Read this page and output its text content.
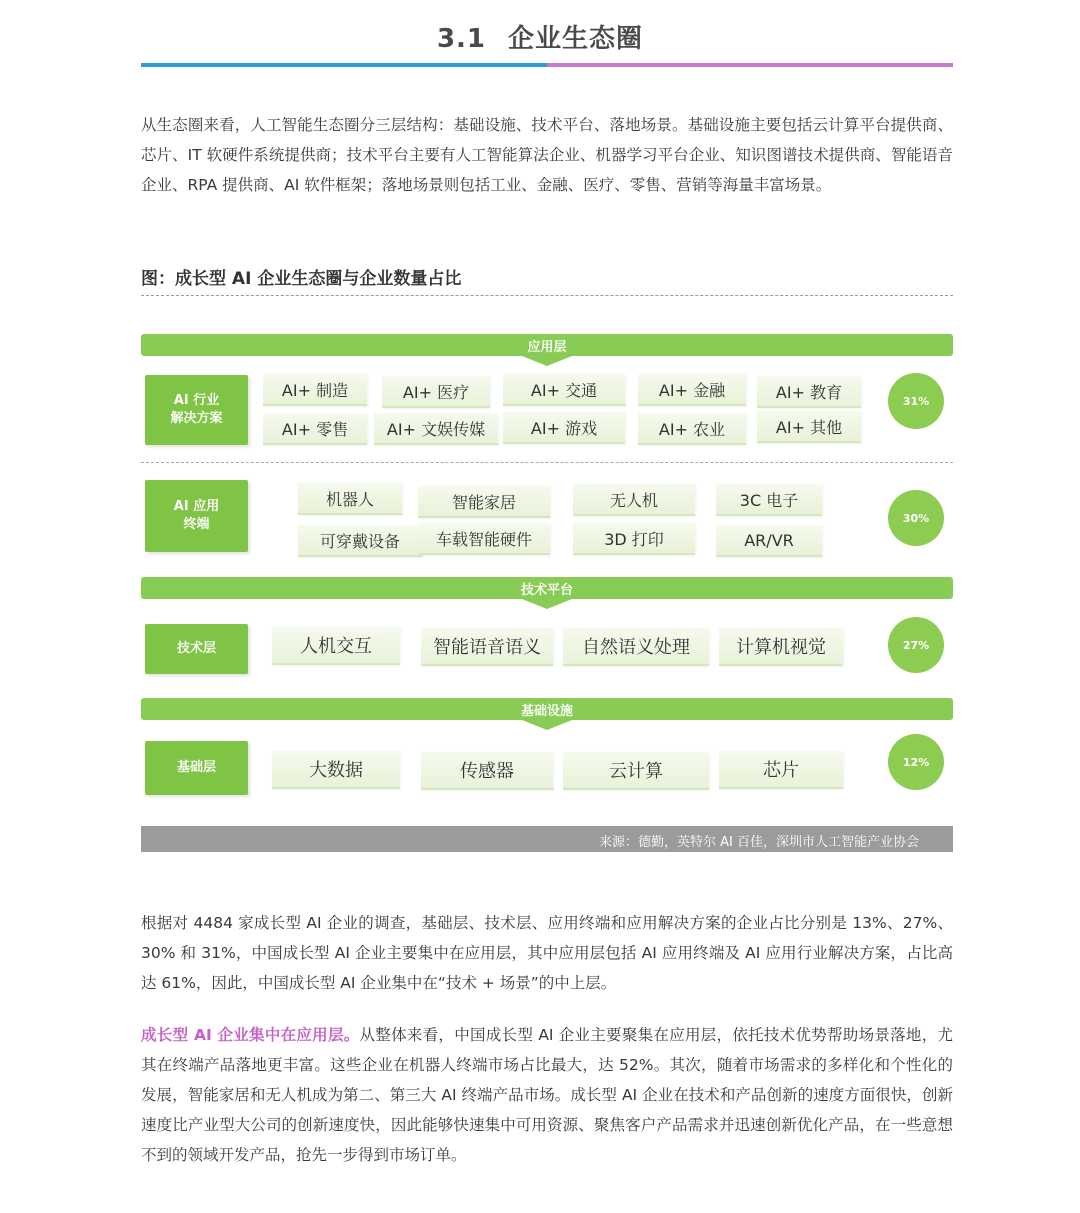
3.1 企业生态圈
从生态圈来看，人工智能生态圈分三层结构：基础设施、技术平台、落地场景。基础设施主要包括云计算平台提供商、芯片、IT 软硬件系统提供商；技术平台主要有人工智能算法企业、机器学习平台企业、知识图谱技术提供商、智能语音企业、RPA 提供商、AI 软件框架；落地场景则包括工业、金融、医疗、零售、营销等海量丰富场景。
图：成长型 AI 企业生态圈与企业数量占比
应用层
AI 行业
解决方案
AI+ 制造	AI+ 医疗	AI+ 交通	AI+ 金融	AI+ 教育
AI+ 零售	AI+ 文娱传媒	AI+ 游戏	AI+ 农业	AI+ 其他
31%
AI 应用
终端
机器人	智能家居	无人机	3C 电子
可穿戴设备	车载智能硬件	3D 打印	AR/VR
30%
技术平台
技术层	人机交互	智能语音语义	自然语义处理	计算机视觉	27%
基础设施
基础层	大数据	传感器	云计算	芯片	12%
来源：德勤，英特尔 AI 百佳，深圳市人工智能产业协会
根据对 4484 家成长型 AI 企业的调查，基础层、技术层、应用终端和应用解决方案的企业占比分别是 13%、27%、30% 和 31%，中国成长型 AI 企业主要集中在应用层，其中应用层包括 AI 应用终端及 AI 应用行业解决方案，占比高达 61%，因此，中国成长型 AI 企业集中在“技术 + 场景”的中上层。
成长型 AI 企业集中在应用层。从整体来看，中国成长型 AI 企业主要聚集在应用层，依托技术优势帮助场景落地，尤其在终端产品落地更丰富。这些企业在机器人终端市场占比最大，达 52%。其次，随着市场需求的多样化和个性化的发展，智能家居和无人机成为第二、第三大 AI 终端产品市场。成长型 AI 企业在技术和产品创新的速度方面很快，创新速度比产业型大公司的创新速度快，因此能够快速集中可用资源、聚焦客户产品需求并迅速创新优化产品，在一些意想不到的领域开发产品，抢先一步得到市场订单。
